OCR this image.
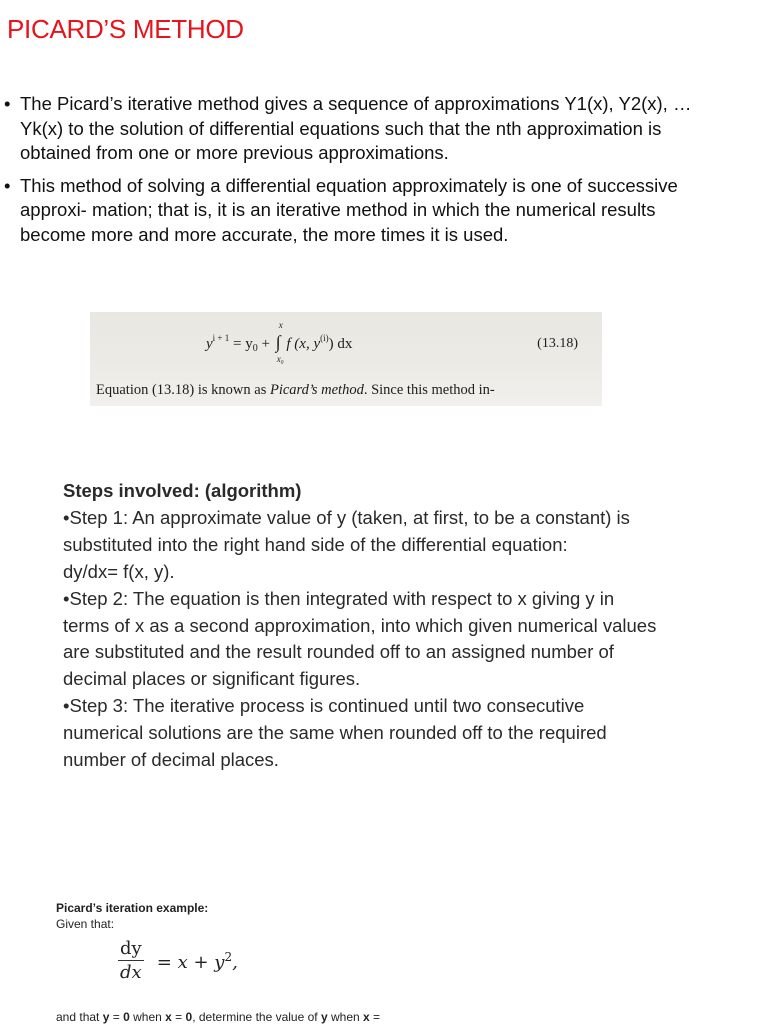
PICARD’S METHOD
• The Picard’s iterative method gives a sequence of approximations Y1(x), Y2(x), … Yk(x) to the solution of differential equations such that the nth approximation is obtained from one or more previous approximations.
• This method of solving a differential equation approximately is one of successive approxi- mation; that is, it is an iterative method in which the numerical results become more and more accurate, the more times it is used.
$y^{i + 1} = y_0$ + ∫
x
x₀
f (x, $y^{(i)}$) dx	(13.18)
Equation (13.18) is known as Picard’s method. Since this method in-
Steps involved: (algorithm)
•Step 1: An approximate value of y (taken, at first, to be a constant) is substituted into the right hand side of the differential equation:
dy/dx= f(x, y).
•Step 2: The equation is then integrated with respect to x giving y in terms of x as a second approximation, into which given numerical values are substituted and the result rounded off to an assigned number of decimal places or significant figures.
•Step 3: The iterative process is continued until two consecutive numerical solutions are the same when rounded off to the required number of decimal places.
Picard’s iteration example:
Given that:
$\frac{dy}{dx} = x + y^2$,
and that y = 0 when x = 0, determine the value of y when x =
